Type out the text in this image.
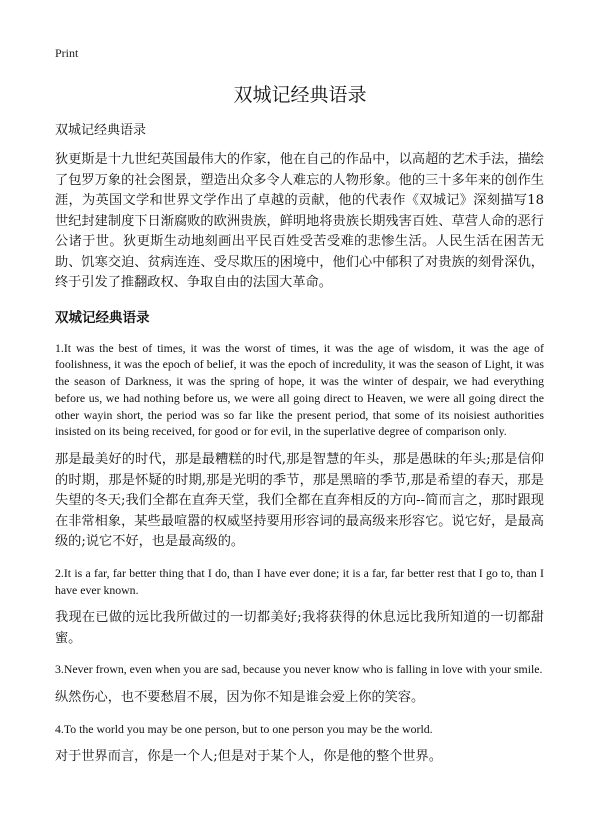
Print
双城记经典语录

双城记经典语录

狄更斯是十九世纪英国最伟大的作家，他在自己的作品中，以高超的艺术手法，描绘了包罗万象的社会图景，塑造出众多令人难忘的人物形象。他的三十多年来的创作生涯，为英国文学和世界文学作出了卓越的贡献，他的代表作《双城记》深刻描写18世纪封建制度下日渐腐败的欧洲贵族，鲜明地将贵族长期残害百姓、草营人命的恶行公诸于世。狄更斯生动地刻画出平民百姓受苦受难的悲惨生活。人民生活在困苦无助、饥寒交迫、贫病连连、受尽欺压的困境中，他们心中郁积了对贵族的刻骨深仇，终于引发了推翻政权、争取自由的法国大革命。

双城记经典语录

1.It was the best of times, it was the worst of times, it was the age of wisdom, it was the age of foolishness, it was the epoch of belief, it was the epoch of incredulity, it was the season of Light, it was the season of Darkness, it was the spring of hope, it was the winter of despair, we had everything before us, we had nothing before us, we were all going direct to Heaven, we were all going direct the other wayin short, the period was so far like the present period, that some of its noisiest authorities insisted on its being received, for good or for evil, in the superlative degree of comparison only.

那是最美好的时代，那是最糟糕的时代,那是智慧的年头，那是愚昧的年头;那是信仰的时期，那是怀疑的时期,那是光明的季节，那是黑暗的季节,那是希望的春天，那是失望的冬天;我们全都在直奔天堂，我们全都在直奔相反的方向--简而言之，那时跟现在非常相象，某些最喧嚣的权威坚持要用形容词的最高级来形容它。说它好，是最高级的;说它不好，也是最高级的。

2.It is a far, far better thing that I do, than I have ever done; it is a far, far better rest that I go to, than I have ever known.

我现在已做的远比我所做过的一切都美好;我将获得的休息远比我所知道的一切都甜蜜。

3.Never frown, even when you are sad, because you never know who is falling in love with your smile.

纵然伤心，也不要愁眉不展，因为你不知是谁会爱上你的笑容。

4.To the world you may be one person, but to one person you may be the world.

对于世界而言，你是一个人;但是对于某个人，你是他的整个世界。
